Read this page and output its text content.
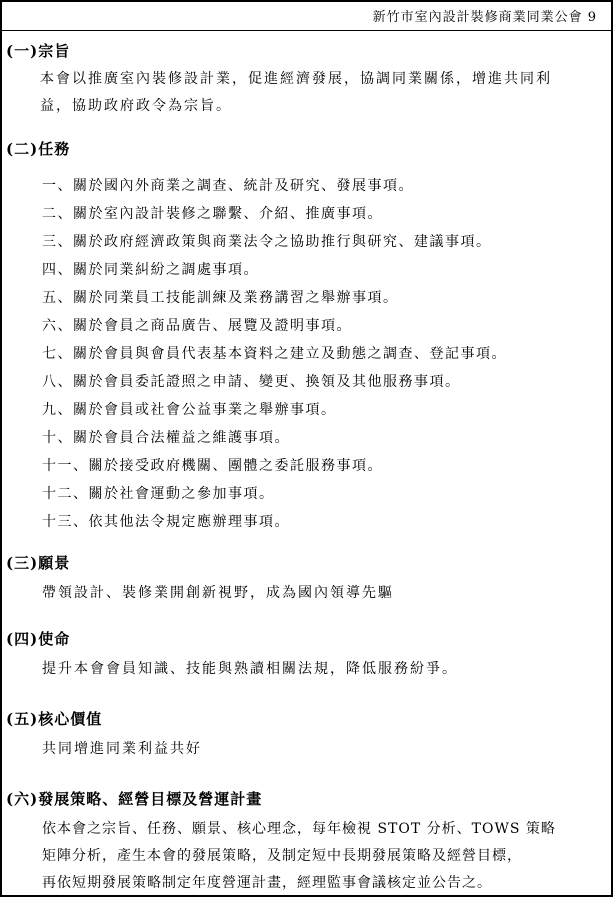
新竹市室內設計裝修商業同業公會 9
(一)宗旨
本會以推廣室內裝修設計業，促進經濟發展，協調同業關係，增進共同利
益，協助政府政令為宗旨。
(二)任務
一、關於國內外商業之調查、統計及研究、發展事項。
二、關於室內設計裝修之聯繫、介紹、推廣事項。
三、關於政府經濟政策與商業法令之協助推行與研究、建議事項。
四、關於同業糾紛之調處事項。
五、關於同業員工技能訓練及業務講習之舉辦事項。
六、關於會員之商品廣告、展覽及證明事項。
七、關於會員與會員代表基本資料之建立及動態之調查、登記事項。
八、關於會員委託證照之申請、變更、換領及其他服務事項。
九、關於會員或社會公益事業之舉辦事項。
十、關於會員合法權益之維護事項。
十一、關於接受政府機關、團體之委託服務事項。
十二、關於社會運動之參加事項。
十三、依其他法令規定應辦理事項。
(三)願景
帶領設計、裝修業開創新視野，成為國內領導先驅
(四)使命
提升本會會員知識、技能與熟讀相關法規，降低服務紛爭。
(五)核心價值
共同增進同業利益共好
(六)發展策略、經營目標及營運計畫
依本會之宗旨、任務、願景、核心理念，每年檢視 STOT 分析、TOWS 策略
矩陣分析，產生本會的發展策略，及制定短中長期發展策略及經營目標，
再依短期發展策略制定年度營運計畫，經理監事會議核定並公告之。
